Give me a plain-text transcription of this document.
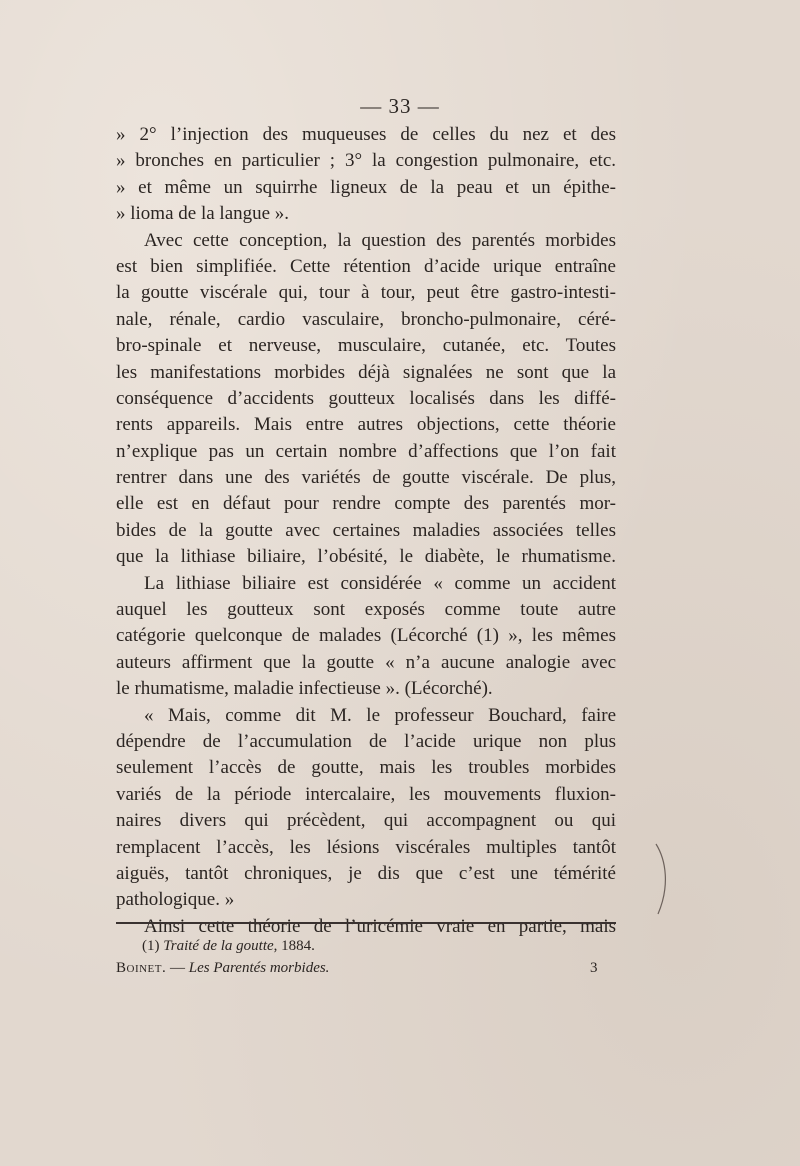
— 33 —
» 2° l’injection des muqueuses de celles du nez et des
» bronches en particulier ; 3° la congestion pulmonaire, etc.
» et même un squirrhe ligneux de la peau et un épithe-
» lioma de la langue ».
Avec cette conception, la question des parentés morbides
est bien simplifiée. Cette rétention d’acide urique entraîne
la goutte viscérale qui, tour à tour, peut être gastro-intesti-
nale, rénale, cardio vasculaire, broncho-pulmonaire, céré-
bro-spinale et nerveuse, musculaire, cutanée, etc. Toutes
les manifestations morbides déjà signalées ne sont que la
conséquence d’accidents goutteux localisés dans les diffé-
rents appareils. Mais entre autres objections, cette théorie
n’explique pas un certain nombre d’affections que l’on fait
rentrer dans une des variétés de goutte viscérale. De plus,
elle est en défaut pour rendre compte des parentés mor-
bides de la goutte avec certaines maladies associées telles
que la lithiase biliaire, l’obésité, le diabète, le rhumatisme.
La lithiase biliaire est considérée « comme un accident
auquel les goutteux sont exposés comme toute autre
catégorie quelconque de malades (Lécorché (1) », les mêmes
auteurs affirment que la goutte « n’a aucune analogie avec
le rhumatisme, maladie infectieuse ». (Lécorché).
« Mais, comme dit M. le professeur Bouchard, faire
dépendre de l’accumulation de l’acide urique non plus
seulement l’accès de goutte, mais les troubles morbides
variés de la période intercalaire, les mouvements fluxion-
naires divers qui précèdent, qui accompagnent ou qui
remplacent l’accès, les lésions viscérales multiples tantôt
aiguës, tantôt chroniques, je dis que c’est une témérité
pathologique. »
Ainsi cette théorie de l’uricémie vraie en partie, mais
(1) Traité de la goutte, 1884.
Boinet. — Les Parentés morbides.	3
